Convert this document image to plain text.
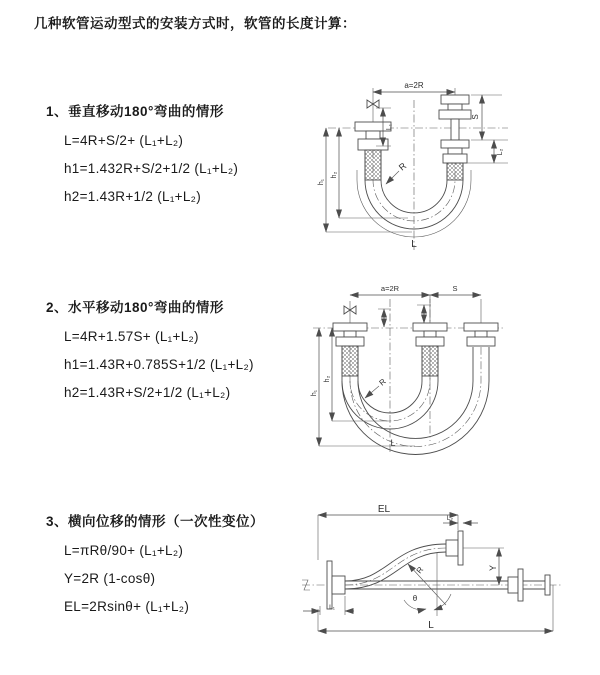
几种软管运动型式的安装方式时，软管的长度计算：
1、垂直移动180°弯曲的情形
L=4R+S/2+ (L₁+L₂)
h1=1.432R+S/2+1/2 (L₁+L₂)
h2=1.43R+1/2 (L₁+L₂)
2、水平移动180°弯曲的情形
L=4R+1.57S+ (L₁+L₂)
h1=1.43R+0.785S+1/2 (L₁+L₂)
h2=1.43R+S/2+1/2 (L₁+L₂)
3、横向位移的情形（一次性变位）
L=πRθ/90+ (L₁+L₂)
Y=2R (1-cosθ)
EL=2Rsinθ+ (L₁+L₂)
a=2R
L₁
S
L₂
h₁
h₂
R
L
a=2R	S
h₁
h₂	R
L
EL
L₂
Y
R
θ
L
L₁
